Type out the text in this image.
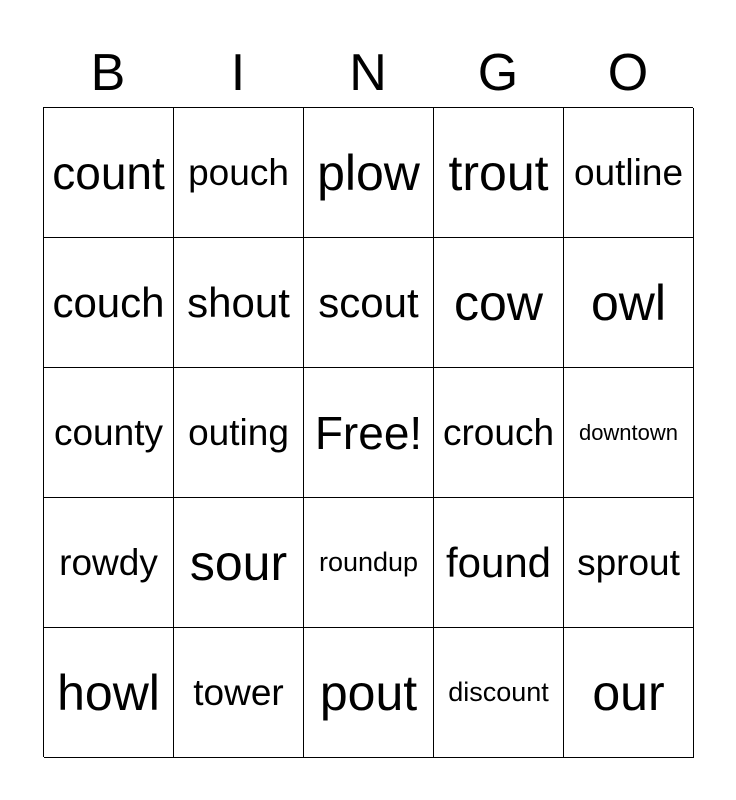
B	I	N	G	O
count pouch plow trout outline
couch shout scout cow owl
county outing Free! crouch	downtown
rowdy sour	roundup found sprout
howl tower pout	discount our
